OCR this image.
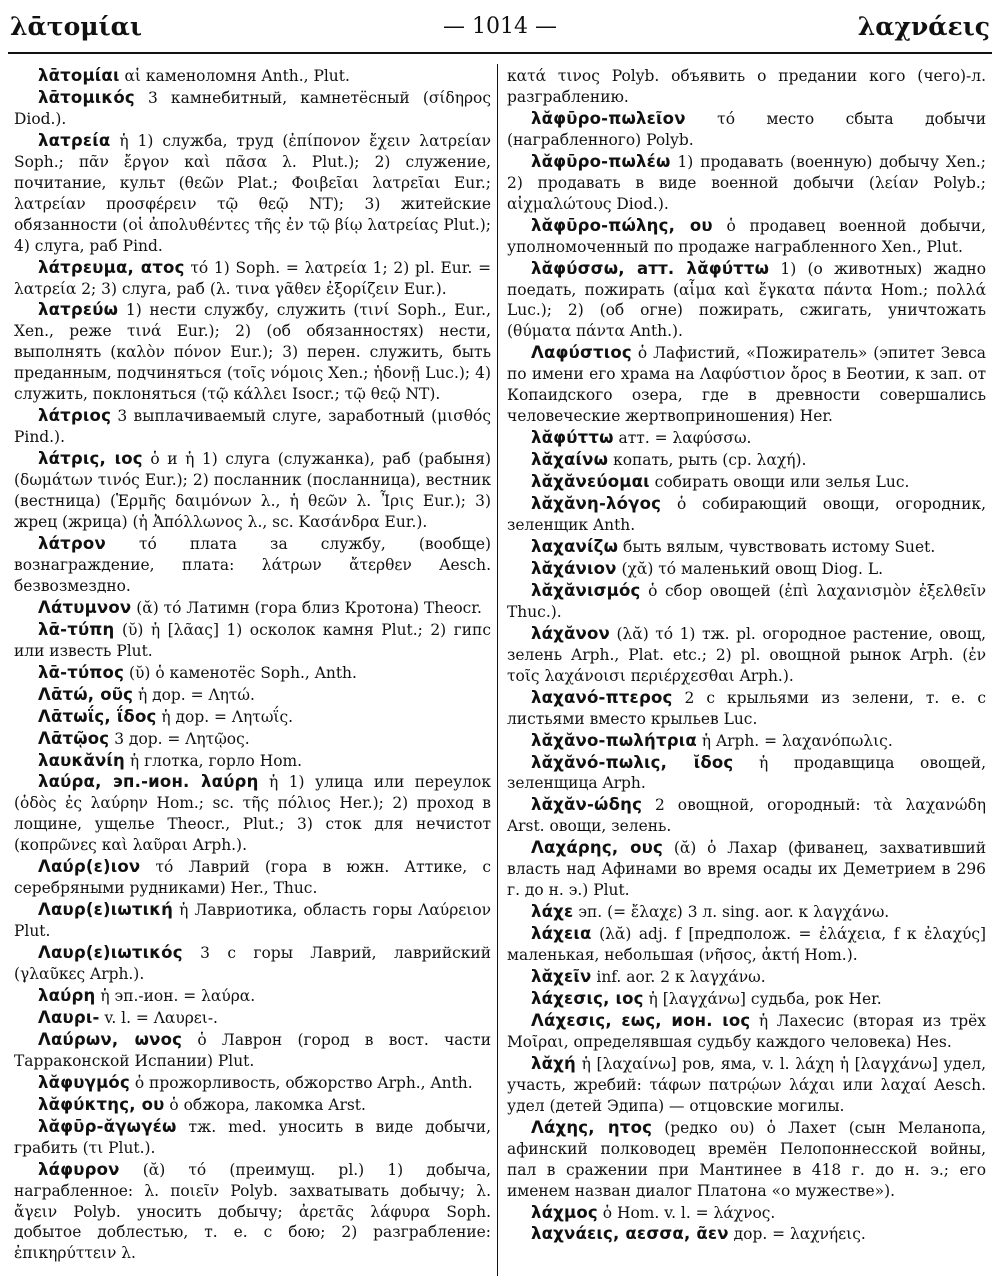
λᾱτομίαι	— 1014 —	λαχνάεις

λᾱτομίαι αἱ каменоломня Anth., Plut.

λᾱτομικός 3 камнебитный, камнетёсный (σίδηρος Diod.).

λατρεία ἡ 1) служба, труд (ἐπίπονον ἔχειν λατρείαν Soph.; πᾶν ἔργον καὶ πᾶσα λ. Plut.); 2) служение, почитание, культ (θεῶν Plat.; Φοιβεῖαι λατρεῖαι Eur.; λατρείαν προσφέρειν τῷ θεῷ NT); 3) житейские обязанности (οἱ ἀπολυθέντες τῆς ἐν τῷ βίῳ λατρείας Plut.); 4) слуга, раб Pind.

λάτρευμα, ατος τό 1) Soph. = λατρεία 1; 2) pl. Eur. = λατρεία 2; 3) слуга, раб (λ. τινα γᾶθεν ἐξορίζειν Eur.).

λατρεύω 1) нести службу, служить (τινί Soph., Eur., Xen., реже τινά Eur.); 2) (об обязанностях) нести, выполнять (καλὸν πόνον Eur.); 3) перен. служить, быть преданным, подчиняться (τοῖς νόμοις Xen.; ἡδονῇ Luc.); 4) служить, поклоняться (τῷ κάλλει Isocr.; τῷ θεῷ NT).

λάτριος 3 выплачиваемый слуге, заработный (μισθός Pind.).

λάτρις, ιος ὁ и ἡ 1) слуга (служанка), раб (рабыня) (δωμάτων τινός Eur.); 2) посланник (посланница), вестник (вестница) (Ἑρμῆς δαιμόνων λ., ἡ θεῶν λ. Ἶρις Eur.); 3) жрец (жрица) (ἡ Ἀπόλλωνος λ., sc. Κασάνδρα Eur.).

λάτρον τό плата за службу, (вообще) вознаграждение, плата: λάτρων ἄτερθεν Aesch. безвозмездно.

Λάτυμνον (ᾰ) τό Латимн (гора близ Кротона) Theocr.

λᾱ-τύπη (ῠ) ἡ [λᾶας] 1) осколок камня Plut.; 2) гипс или известь Plut.

λᾱ-τύπος (ῠ) ὁ каменотёс Soph., Anth.

Λᾱτώ, οῦς ἡ дор. = Λητώ.

Λᾱτωΐς, ΐδος ἡ дор. = Λητωΐς.

Λᾱτῷος 3 дор. = Λητῷος.

λαυκᾰνίη ἡ глотка, горло Hom.

λαύρα, эп.-ион. λαύρη ἡ 1) улица или переулок (ὁδὸς ἐς λαύρην Hom.; sc. τῆς πόλιος Her.); 2) проход в лощине, ущелье Theocr., Plut.; 3) сток для нечистот (κοπρῶνες καὶ λαῦραι Arph.).

Λαύρ(ε)ιον τό Лаврий (гора в южн. Аттике, с серебряными рудниками) Her., Thuc.

Λαυρ(ε)ιωτική ἡ Лавриотика, область горы Λαύρειον Plut.

Λαυρ(ε)ιωτικός 3 с горы Лаврий, лаврийский (γλαῦκες Arph.).

λαύρη ἡ эп.-ион. = λαύρα.

Λαυρι- v. l. = Λαυρει-.

Λαύρων, ωνος ὁ Лаврон (город в вост. части Тарраконской Испании) Plut.

λᾰφυγμός ὁ прожорливость, обжорство Arph., Anth.

λᾰφύκτης, ου ὁ обжора, лакомка Arst.

λᾰφῡρ-ᾰγωγέω тж. med. уносить в виде добычи, грабить (τι Plut.).

λάφυρον (ᾰ) τό (преимущ. pl.) 1) добыча, награбленное: λ. ποιεῖν Polyb. захватывать добычу; λ. ἄγειν Polyb. уносить добычу; ἀρετᾶς λάφυρα Soph. добытое доблестью, т. е. с бою; 2) разграбление: ἐπικηρύττειν λ.

κατά τινος Polyb. объявить о предании кого (чего)-л. разграблению.

λᾰφῡρο-πωλεῖον τό место сбыта добычи (награбленного) Polyb.

λᾰφῡρο-πωλέω 1) продавать (военную) добычу Xen.; 2) продавать в виде военной добычи (λείαν Polyb.; αἰχμαλώτους Diod.).

λᾰφῡρο-πώλης, ου ὁ продавец военной добычи, уполномоченный по продаже награбленного Xen., Plut.

λᾰφύσσω, атт. λᾰφύττω 1) (о животных) жадно поедать, пожирать (αἷμα καὶ ἔγκατα πάντα Hom.; πολλά Luc.); 2) (об огне) пожирать, сжигать, уничтожать (θύματα πάντα Anth.).

Λαφύστιος ὁ Лафистий, «Пожиратель» (эпитет Зевса по имени его храма на Λαφύστιον ὄρος в Беотии, к зап. от Копаидского озера, где в древности совершались человеческие жертвоприношения) Her.

λᾰφύττω атт. = λαφύσσω.

λᾰχαίνω копать, рыть (ср. λαχή).

λᾰχᾰνεύομαι собирать овощи или зелья Luc.

λᾰχᾰνη-λόγος ὁ собирающий овощи, огородник, зеленщик Anth.

λαχανίζω быть вялым, чувствовать истому Suet.

λᾰχάνιον (χᾰ) τό маленький овощ Diog. L.

λᾰχᾰνισμός ὁ сбор овощей (ἐπὶ λαχανισμὸν ἐξελθεῖν Thuc.).

λάχᾰνον (λᾰ) τό 1) тж. pl. огородное растение, овощ, зелень Arph., Plat. etc.; 2) pl. овощной рынок Arph. (ἐν τοῖς λαχάνοισι περιέρχεσθαι Arph.).

λαχανό-πτερος 2 с крыльями из зелени, т. е. с листьями вместо крыльев Luc.

λᾰχᾰνο-πωλήτρια ἡ Arph. = λαχανόπωλις.

λᾰχᾰνό-πωλις, ῐδος ἡ продавщица овощей, зеленщица Arph.

λᾰχᾰν-ώδης 2 овощной, огородный: τὰ λαχανώδη Arst. овощи, зелень.

Λαχάρης, ους (ᾰ) ὁ Лахар (фиванец, захвативший власть над Афинами во время осады их Деметрием в 296 г. до н. э.) Plut.

λάχε эп. (= ἔλαχε) 3 л. sing. aor. к λαγχάνω.

λάχεια (λᾰ) adj. f [предполож. = ἐλάχεια, f к ἐλαχύς] маленькая, небольшая (νῆσος, ἀκτή Hom.).

λᾰχεῖν inf. aor. 2 к λαγχάνω.

λάχεσις, ιος ἡ [λαγχάνω] судьба, рок Her.

Λάχεσις, εως, ион. ιος ἡ Лахесис (вторая из трёх Μοῖραι, определявшая судьбу каждого человека) Hes.

λᾰχή ἡ [λαχαίνω] ров, яма, v. l. λάχη ἡ [λαγχάνω] удел, участь, жребий: τάφων πατρῴων λάχαι или λαχαί Aesch. удел (детей Эдипа) — отцовские могилы.

Λάχης, ητος (редко ου) ὁ Лахет (сын Меланопа, афинский полководец времён Пелопоннесской войны, пал в сражении при Мантинее в 418 г. до н. э.; его именем назван диалог Платона «о мужестве»).

λάχμος ὁ Hom. v. l. = λάχνος.

λαχνάεις, αεσσα, ᾶεν дор. = λαχνήεις.
